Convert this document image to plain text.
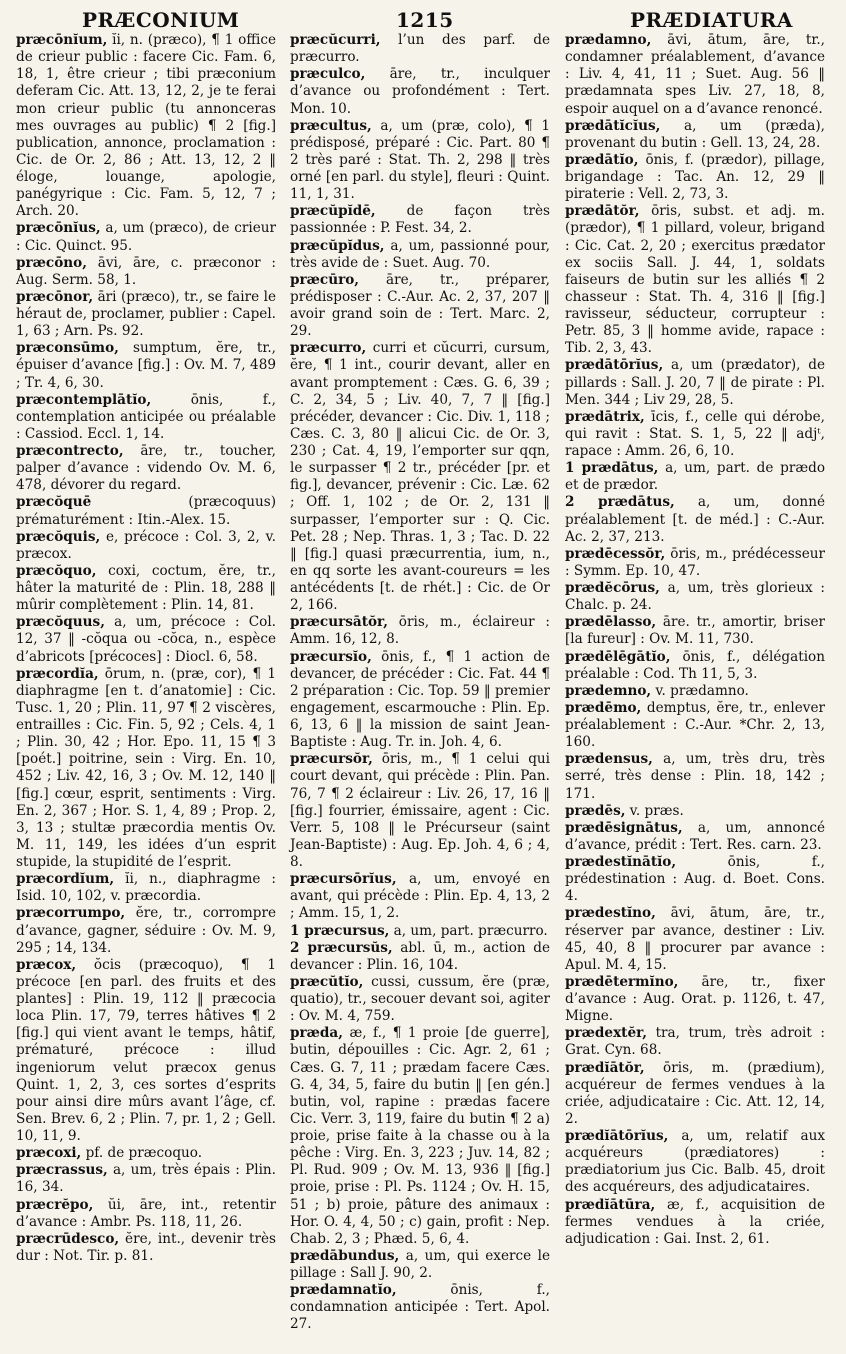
PRÆCONIUM	1215	PRÆDIATURA

præcōnĭum, ĭi, n. (præco), ¶ 1 office de crieur public : facere Cic. Fam. 6, 18, 1, être crieur ; tibi præconium deferam Cic. Att. 13, 12, 2, je te ferai mon crieur public (tu annonceras mes ouvrages au public) ¶ 2 [fig.] publication, annonce, proclamation : Cic. de Or. 2, 86 ; Att. 13, 12, 2 ‖ éloge, louange, apologie, panégyrique : Cic. Fam. 5, 12, 7 ; Arch. 20.

præcōnĭus, a, um (præco), de crieur : Cic. Quinct. 95.

præcōno, āvi, āre, c. præconor : Aug. Serm. 58, 1.

præcōnor, āri (præco), tr., se faire le héraut de, proclamer, publier : Capel. 1, 63 ; Arn. Ps. 92.

præconsūmo, sumptum, ĕre, tr., épuiser d’avance [fig.] : Ov. M. 7, 489 ; Tr. 4, 6, 30.

præcontemplātĭo, ōnis, f., contemplation anticipée ou préalable : Cassiod. Eccl. 1, 14.

præcontrecto, āre, tr., toucher, palper d’avance : videndo Ov. M. 6, 478, dévorer du regard.

præcŏquē (præcoquus) prématurément : Itin.-Alex. 15.

præcŏquis, e, précoce : Col. 3, 2, v. præcox.

præcŏquo, coxi, coctum, ĕre, tr., hâter la maturité de : Plin. 18, 288 ‖ mûrir complètement : Plin. 14, 81.

præcŏquus, a, um, précoce : Col. 12, 37 ‖ -cŏqua ou -cŏca, n., espèce d’abricots [précoces] : Diocl. 6, 58.

præcordĭa, ōrum, n. (præ, cor), ¶ 1 diaphragme [en t. d’anatomie] : Cic. Tusc. 1, 20 ; Plin. 11, 97 ¶ 2 viscères, entrailles : Cic. Fin. 5, 92 ; Cels. 4, 1 ; Plin. 30, 42 ; Hor. Epo. 11, 15 ¶ 3 [poét.] poitrine, sein : Virg. En. 10, 452 ; Liv. 42, 16, 3 ; Ov. M. 12, 140 ‖ [fig.] cœur, esprit, sentiments : Virg. En. 2, 367 ; Hor. S. 1, 4, 89 ; Prop. 2, 3, 13 ; stultæ præcordia mentis Ov. M. 11, 149, les idées d’un esprit stupide, la stupidité de l’esprit.

præcordĭum, ĭi, n., diaphragme : Isid. 10, 102, v. præcordia.

præcorrumpo, ĕre, tr., corrompre d’avance, gagner, séduire : Ov. M. 9, 295 ; 14, 134.

præcox, ŏcis (præcoquo), ¶ 1 précoce [en parl. des fruits et des plantes] : Plin. 19, 112 ‖ præcocia loca Plin. 17, 79, terres hâtives ¶ 2 [fig.] qui vient avant le temps, hâtif, prématuré, précoce : illud ingeniorum velut præcox genus Quint. 1, 2, 3, ces sortes d’esprits pour ainsi dire mûrs avant l’âge, cf. Sen. Brev. 6, 2 ; Plin. 7, pr. 1, 2 ; Gell. 10, 11, 9.

præcoxi, pf. de præcoquo.

præcrassus, a, um, très épais : Plin. 16, 34.

præcrĕpo, ŭi, āre, int., retentir d’avance : Ambr. Ps. 118, 11, 26.

præcrūdesco, ĕre, int., devenir très dur : Not. Tir. p. 81.

præcŭcurri, l’un des parf. de præcurro.

præculco, āre, tr., inculquer d’avance ou profondément : Tert. Mon. 10.

præcultus, a, um (præ, colo), ¶ 1 prédisposé, préparé : Cic. Part. 80 ¶ 2 très paré : Stat. Th. 2, 298 ‖ très orné [en parl. du style], fleuri : Quint. 11, 1, 31.

præcŭpĭdē, de façon très passionnée : P. Fest. 34, 2.

præcŭpĭdus, a, um, passionné pour, très avide de : Suet. Aug. 70.

præcūro, āre, tr., préparer, prédisposer : C.-Aur. Ac. 2, 37, 207 ‖ avoir grand soin de : Tert. Marc. 2, 29.

præcurro, curri et cŭcurri, cursum, ĕre, ¶ 1 int., courir devant, aller en avant promptement : Cæs. G. 6, 39 ; C. 2, 34, 5 ; Liv. 40, 7, 7 ‖ [fig.] précéder, devancer : Cic. Div. 1, 118 ; Cæs. C. 3, 80 ‖ alicui Cic. de Or. 3, 230 ; Cat. 4, 19, l’emporter sur qqn, le surpasser ¶ 2 tr., précéder [pr. et fig.], devancer, prévenir : Cic. Læ. 62 ; Off. 1, 102 ; de Or. 2, 131 ‖ surpasser, l’emporter sur : Q. Cic. Pet. 28 ; Nep. Thras. 1, 3 ; Tac. D. 22 ‖ [fig.] quasi præcurrentia, ium, n., en qq sorte les avant-coureurs = les antécédents [t. de rhét.] : Cic. de Or 2, 166.

præcursātŏr, ōris, m., éclaireur : Amm. 16, 12, 8.

præcursĭo, ōnis, f., ¶ 1 action de devancer, de précéder : Cic. Fat. 44 ¶ 2 préparation : Cic. Top. 59 ‖ premier engagement, escarmouche : Plin. Ep. 6, 13, 6 ‖ la mission de saint Jean-Baptiste : Aug. Tr. in. Joh. 4, 6.

præcursŏr, ōris, m., ¶ 1 celui qui court devant, qui précède : Plin. Pan. 76, 7 ¶ 2 éclaireur : Liv. 26, 17, 16 ‖ [fig.] fourrier, émissaire, agent : Cic. Verr. 5, 108 ‖ le Précurseur (saint Jean-Baptiste) : Aug. Ep. Joh. 4, 6 ; 4, 8.

præcursōrĭus, a, um, envoyé en avant, qui précède : Plin. Ep. 4, 13, 2 ; Amm. 15, 1, 2.

1 præcursus, a, um, part. præcurro.

2 præcursŭs, abl. ū, m., action de devancer : Plin. 16, 104.

præcŭtĭo, cussi, cussum, ĕre (præ, quatio), tr., secouer devant soi, agiter : Ov. M. 4, 759.

præda, æ, f., ¶ 1 proie [de guerre], butin, dépouilles : Cic. Agr. 2, 61 ; Cæs. G. 7, 11 ; prædam facere Cæs. G. 4, 34, 5, faire du butin ‖ [en gén.] butin, vol, rapine : prædas facere Cic. Verr. 3, 119, faire du butin ¶ 2 a) proie, prise faite à la chasse ou à la pêche : Virg. En. 3, 223 ; Juv. 14, 82 ; Pl. Rud. 909 ; Ov. M. 13, 936 ‖ [fig.] proie, prise : Pl. Ps. 1124 ; Ov. H. 15, 51 ; b) proie, pâture des animaux : Hor. O. 4, 4, 50 ; c) gain, profit : Nep. Chab. 2, 3 ; Phæd. 5, 6, 4.

prædābundus, a, um, qui exerce le pillage : Sall J. 90, 2.

prædamnatĭo, ōnis, f., condamnation anticipée : Tert. Apol. 27.

prædamno, āvi, ātum, āre, tr., condamner préalablement, d’avance : Liv. 4, 41, 11 ; Suet. Aug. 56 ‖ prædamnata spes Liv. 27, 18, 8, espoir auquel on a d’avance renoncé.

prædātĭcĭus, a, um (præda), provenant du butin : Gell. 13, 24, 28.

prædātĭo, ōnis, f. (prædor), pillage, brigandage : Tac. An. 12, 29 ‖ piraterie : Vell. 2, 73, 3.

prædātŏr, ōris, subst. et adj. m. (prædor), ¶ 1 pillard, voleur, brigand : Cic. Cat. 2, 20 ; exercitus prædator ex sociis Sall. J. 44, 1, soldats faiseurs de butin sur les alliés ¶ 2 chasseur : Stat. Th. 4, 316 ‖ [fig.] ravisseur, séducteur, corrupteur : Petr. 85, 3 ‖ homme avide, rapace : Tib. 2, 3, 43.

prædātōrĭus, a, um (prædator), de pillards : Sall. J. 20, 7 ‖ de pirate : Pl. Men. 344 ; Liv 29, 28, 5.

prædātrix, īcis, f., celle qui dérobe, qui ravit : Stat. S. 1, 5, 22 ‖ adjᵗ, rapace : Amm. 26, 6, 10.

1 prædātus, a, um, part. de prædo et de prædor.

2 prædātus, a, um, donné préalablement [t. de méd.] : C.-Aur. Ac. 2, 37, 213.

prædēcessŏr, ōris, m., prédécesseur : Symm. Ep. 10, 47.

prædĕcōrus, a, um, très glorieux : Chalc. p. 24.

prædēlasso, āre. tr., amortir, briser [la fureur] : Ov. M. 11, 730.

prædēlēgātĭo, ōnis, f., délégation préalable : Cod. Th 11, 5, 3.

prædemno, v. prædamno.

prædēmo, demptus, ĕre, tr., enlever préalablement : C.-Aur. *Chr. 2, 13, 160.

prædensus, a, um, très dru, très serré, très dense : Plin. 18, 142 ; 171.

prædēs, v. præs.

prædēsignātus, a, um, annoncé d’avance, prédit : Tert. Res. carn. 23.

prædestĭnātĭo, ōnis, f., prédestination : Aug. d. Boet. Cons. 4.

prædestĭno, āvi, ātum, āre, tr., réserver par avance, destiner : Liv. 45, 40, 8 ‖ procurer par avance : Apul. M. 4, 15.

prædētermĭno, āre, tr., fixer d’avance : Aug. Orat. p. 1126, t. 47, Migne.

prædextĕr, tra, trum, très adroit : Grat. Cyn. 68.

prædĭātŏr, ōris, m. (prædium), acquéreur de fermes vendues à la criée, adjudicataire : Cic. Att. 12, 14, 2.

prædĭātōrĭus, a, um, relatif aux acquéreurs (prædiatores) : prædiatorium jus Cic. Balb. 45, droit des acquéreurs, des adjudicataires.

prædĭātūra, æ, f., acquisition de fermes vendues à la criée, adjudication : Gai. Inst. 2, 61.
